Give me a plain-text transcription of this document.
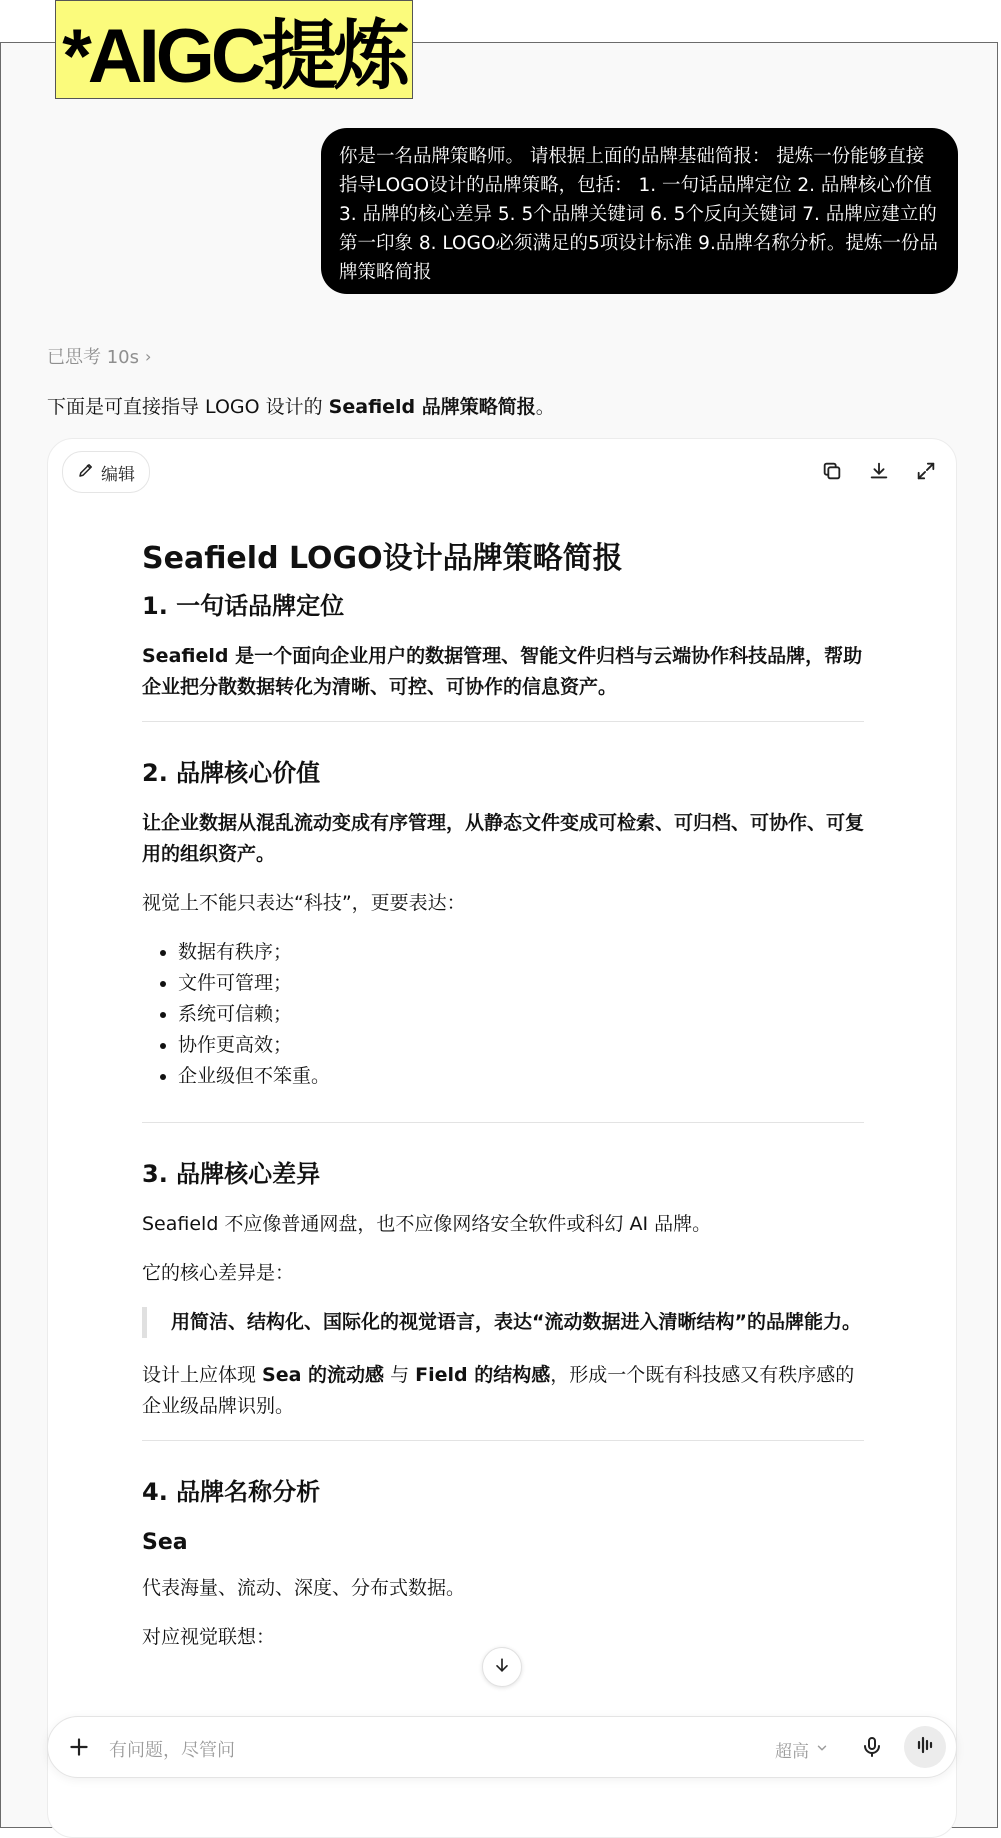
*AIGC提炼
你是一名品牌策略师。 请根据上面的品牌基础简报： 提炼一份能够直接指导LOGO设计的品牌策略，包括： 1. 一句话品牌定位 2. 品牌核心价值 3. 品牌的核心差异 5. 5个品牌关键词 6. 5个反向关键词 7. 品牌应建立的第一印象 8. LOGO必须满足的5项设计标准 9.品牌名称分析。提炼一份品牌策略简报
已思考 10s ›
下面是可直接指导 LOGO 设计的 Seafield 品牌策略简报。
编辑
Seafield LOGO设计品牌策略简报
1. 一句话品牌定位
Seafield 是一个面向企业用户的数据管理、智能文件归档与云端协作科技品牌，帮助企业把分散数据转化为清晰、可控、可协作的信息资产。
2. 品牌核心价值
让企业数据从混乱流动变成有序管理，从静态文件变成可检索、可归档、可协作、可复用的组织资产。
视觉上不能只表达“科技”，更要表达：
• 数据有秩序；
• 文件可管理；
• 系统可信赖；
• 协作更高效；
• 企业级但不笨重。
3. 品牌核心差异
Seafield 不应像普通网盘，也不应像网络安全软件或科幻 AI 品牌。
它的核心差异是：
用简洁、结构化、国际化的视觉语言，表达“流动数据进入清晰结构”的品牌能力。
设计上应体现 Sea 的流动感 与 Field 的结构感，形成一个既有科技感又有秩序感的企业级品牌识别。
4. 品牌名称分析
Sea
代表海量、流动、深度、分布式数据。
对应视觉联想：
有问题，尽管问	超高
